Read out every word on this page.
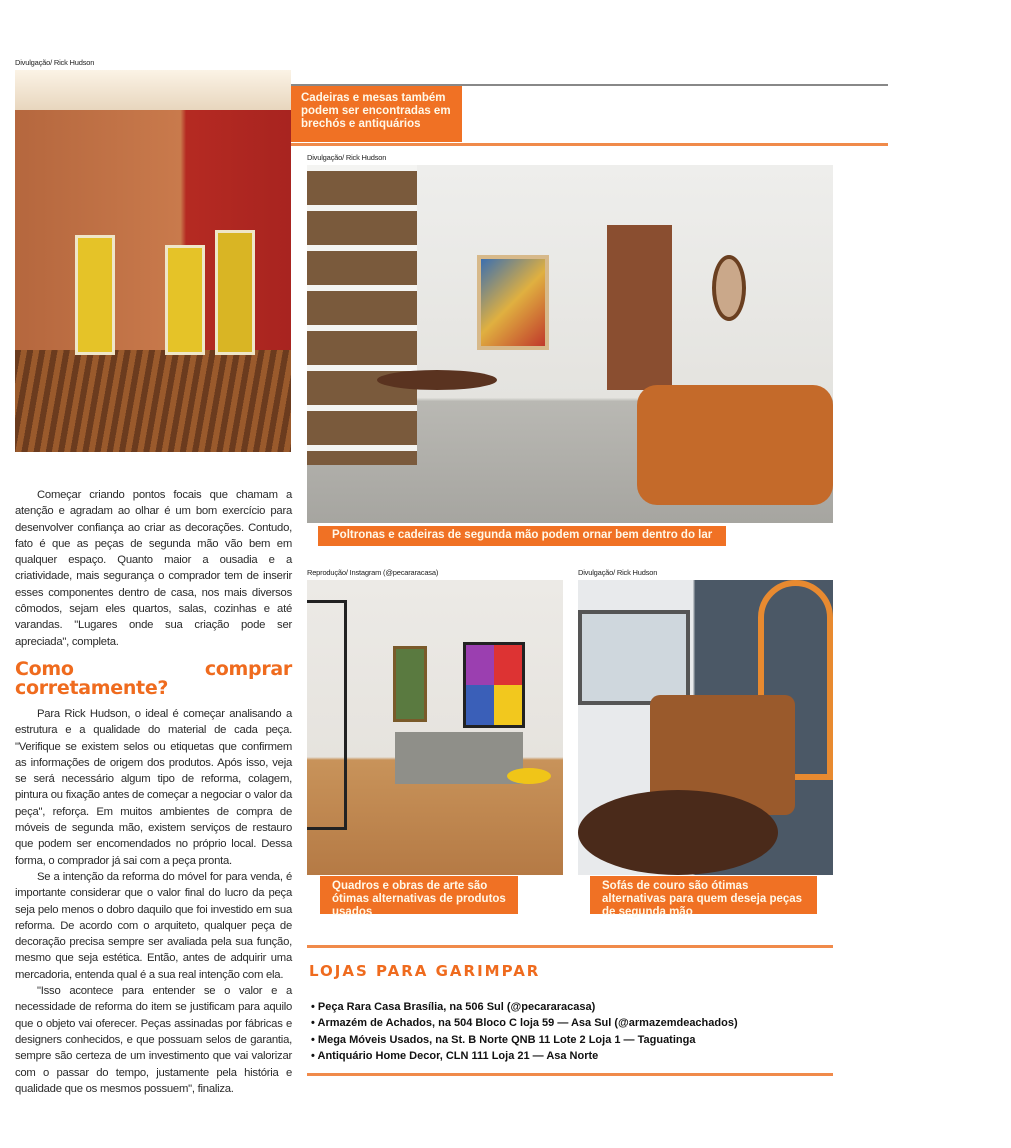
Divulgação/ Rick Hudson
Cadeiras e mesas também podem ser encontradas em brechós e antiquários
Divulgação/ Rick Hudson
Poltronas e cadeiras de segunda mão podem ornar bem dentro do lar
Reprodução/ Instagram (@pecararacasa)	Divulgação/ Rick Hudson
Quadros e obras de arte são ótimas alternativas de produtos usados
Sofás de couro são ótimas alternativas para quem deseja peças de segunda mão

Começar criando pontos focais que chamam a atenção e agradam ao olhar é um bom exercício para desenvolver confiança ao criar as decorações. Contudo, fato é que as peças de segunda mão vão bem em qualquer espaço. Quanto maior a ousadia e a criatividade, mais segurança o comprador tem de inserir esses componentes dentro de casa, nos mais diversos cômodos, sejam eles quartos, salas, cozinhas e até varandas. "Lugares onde sua criação pode ser apreciada", completa.

Como comprar corretamente?

Para Rick Hudson, o ideal é começar analisando a estrutura e a qualidade do material de cada peça. "Verifique se existem selos ou etiquetas que confirmem as informações de origem dos produtos. Após isso, veja se será necessário algum tipo de reforma, colagem, pintura ou fixação antes de começar a negociar o valor da peça", reforça. Em muitos ambientes de compra de móveis de segunda mão, existem serviços de restauro que podem ser encomendados no próprio local. Dessa forma, o comprador já sai com a peça pronta.

Se a intenção da reforma do móvel for para venda, é importante considerar que o valor final do lucro da peça seja pelo menos o dobro daquilo que foi investido em sua reforma. De acordo com o arquiteto, qualquer peça de decoração precisa sempre ser avaliada pela sua função, mesmo que seja estética. Então, antes de adquirir uma mercadoria, entenda qual é a sua real intenção com ela.

"Isso acontece para entender se o valor e a necessidade de reforma do item se justificam para aquilo que o objeto vai oferecer. Peças assinadas por fábricas e designers conhecidos, e que possuam selos de garantia, sempre são certeza de um investimento que vai valorizar com o passar do tempo, justamente pela história e qualidade que os mesmos possuem", finaliza.

LOJAS PARA GARIMPAR
• Peça Rara Casa Brasília, na 506 Sul (@pecararacasa)
• Armazém de Achados, na 504 Bloco C loja 59 — Asa Sul (@armazemdeachados)
• Mega Móveis Usados, na St. B Norte QNB 11 Lote 2 Loja 1 — Taguatinga
• Antiquário Home Decor, CLN 111 Loja 21 — Asa Norte
